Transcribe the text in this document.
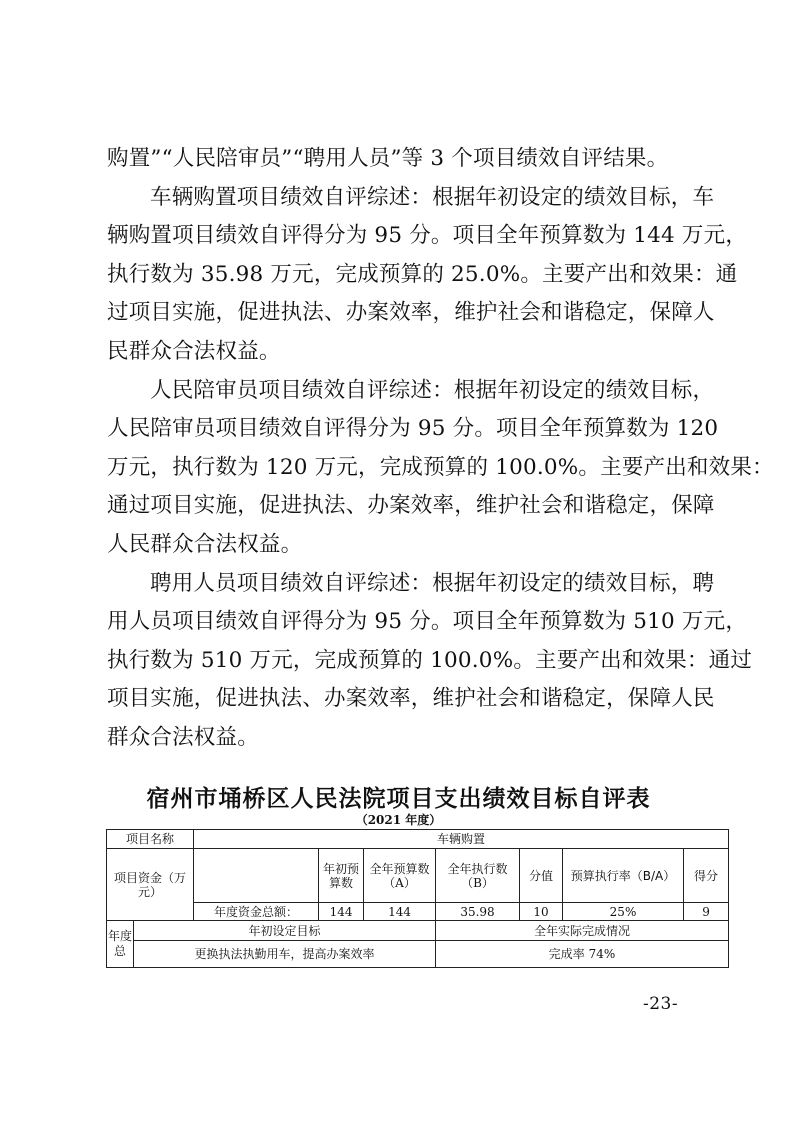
购置”“人民陪审员”“聘用人员”等 3 个项目绩效自评结果。
车辆购置项目绩效自评综述：根据年初设定的绩效目标，车
辆购置项目绩效自评得分为 95 分。项目全年预算数为 144 万元，
执行数为 35.98 万元，完成预算的 25.0%。主要产出和效果：通
过项目实施，促进执法、办案效率，维护社会和谐稳定，保障人
民群众合法权益。
人民陪审员项目绩效自评综述：根据年初设定的绩效目标，
人民陪审员项目绩效自评得分为 95 分。项目全年预算数为 120
万元，执行数为 120 万元，完成预算的 100.0%。主要产出和效果：
通过项目实施，促进执法、办案效率，维护社会和谐稳定，保障
人民群众合法权益。
聘用人员项目绩效自评综述：根据年初设定的绩效目标，聘
用人员项目绩效自评得分为 95 分。项目全年预算数为 510 万元，
执行数为 510 万元，完成预算的 100.0%。主要产出和效果：通过
项目实施，促进执法、办案效率，维护社会和谐稳定，保障人民
群众合法权益。
宿州市埇桥区人民法院项目支出绩效目标自评表
（2021 年度）
项目名称		车辆购置						
项目资金（万元）			年初预算数	全年预算数（A）	全年执行数（B）	分值	预算执行率（B/A）	得分
		年度资金总额：	144	144	35.98	10	25%	9
年度总	年初设定目标				全年实际完成情况			
	更换执法执勤用车，提高办案效率				完成率 74%			
-23-
